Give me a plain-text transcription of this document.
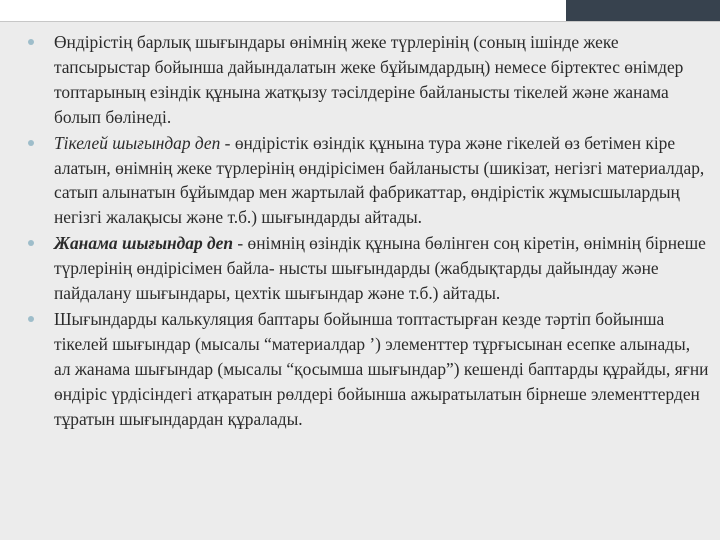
Өндірістің барлық шығындары өнімнің жеке түрлерінің (соның ішінде жеке тапсырыстар бойынша дайындалатын жеке бұйымдардың) немесе біртектес өнімдер топтарының езіндік құнына жатқызу тәсілдеріне байланысты тікелей және жанама болып бөлінеді.
Тікелей шығындар деп - өндірістік өзіндік құнына тура және гікелей өз бетімен кіре алатын, өнімнің жеке түрлерінің өндірісімен байланысты (шикізат, негізгі материалдар, сатып алынатын бұйымдар мен жартылай фабрикаттар, өндірістік жұмысшылардың негізгі жалақысы және т.б.) шығындарды айтады.
Жанама шығындар деп - өнімнің өзіндік құнына бөлінген соң кіретін, өнімнің бірнеше түрлерінің өндірісімен байла- нысты шығындарды (жабдықтарды дайындау және пайдалану шығындары, цехтік шығындар және т.б.) айтады.
Шығындарды калькуляция баптары бойынша топтастырған кезде тәртіп бойынша тікелей шығындар (мысалы “материалдар ’) элементтер тұрғысынан есепке алынады, ал жанама шығындар (мысалы “қосымша шығындар”) кешенді баптарды құрайды, яғни өндіріс үрдісіндегі атқаратын рөлдері бойынша ажыратылатын бірнеше элементтерден тұратын шығындардан құралады.
